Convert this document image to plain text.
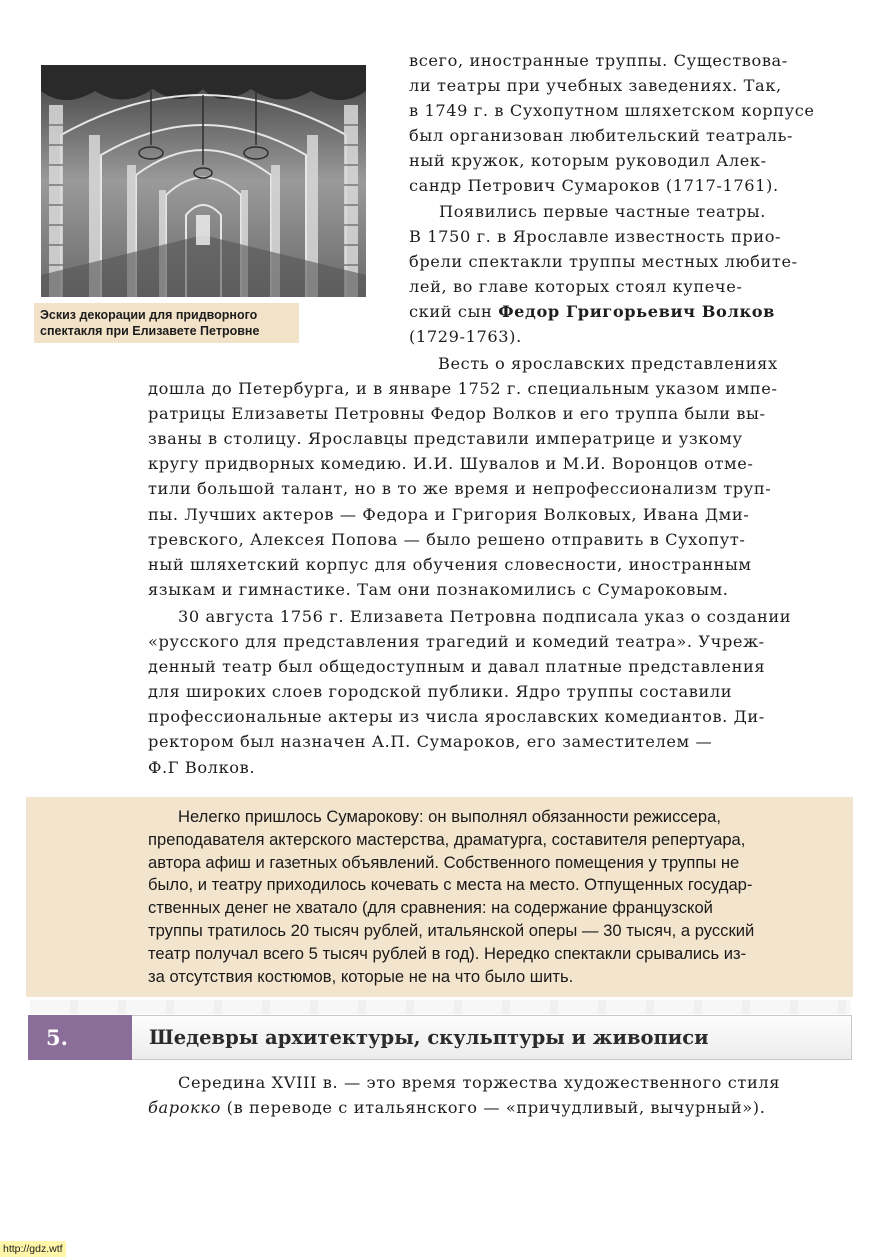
Эскиз декорации для придворного
спектакля при Елизавете Петровне

всего, иностранные труппы. Существова-
ли театры при учебных заведениях. Так,
в 1749 г. в Сухопутном шляхетском корпусе
был организован любительский театраль-
ный кружок, которым руководил Алек-
сандр Петрович Сумароков (1717-1761).

Появились первые частные театры.
В 1750 г. в Ярославле известность прио-
брели спектакли труппы местных любите-
лей, во главе которых стоял купече-
ский сын Федор Григорьевич Волков
(1729-1763).

Весть о ярославских представлениях
дошла до Петербурга, и в январе 1752 г. специальным указом импе-
ратрицы Елизаветы Петровны Федор Волков и его труппа были вы-
званы в столицу. Ярославцы представили императрице и узкому
кругу придворных комедию. И.И. Шувалов и М.И. Воронцов отме-
тили большой талант, но в то же время и непрофессионализм труп-
пы. Лучших актеров — Федора и Григория Волковых, Ивана Дми-
тревского, Алексея Попова — было решено отправить в Сухопут-
ный шляхетский корпус для обучения словесности, иностранным
языкам и гимнастике. Там они познакомились с Сумароковым.

30 августа 1756 г. Елизавета Петровна подписала указ о создании
«русского для представления трагедий и комедий театра». Учреж-
денный театр был общедоступным и давал платные представления
для широких слоев городской публики. Ядро труппы составили
профессиональные актеры из числа ярославских комедиантов. Ди-
ректором был назначен А.П. Сумароков, его заместителем —
Ф.Г Волков.

Нелегко пришлось Сумарокову: он выполнял обязанности режиссера,
преподавателя актерского мастерства, драматурга, составителя репертуара,
автора афиш и газетных объявлений. Собственного помещения у труппы не
было, и театру приходилось кочевать с места на место. Отпущенных государ-
ственных денег не хватало (для сравнения: на содержание французской
труппы тратилось 20 тысяч рублей, итальянской оперы — 30 тысяч, а русский
театр получал всего 5 тысяч рублей в год). Нередко спектакли срывались из-
за отсутствия костюмов, которые не на что было шить.
5.	Шедевры архитектуры, скульптуры и живописи

Середина XVIII в. — это время торжества художественного стиля
барокко (в переводе с итальянского — «причудливый, вычурный»).

http://gdz.wtf
